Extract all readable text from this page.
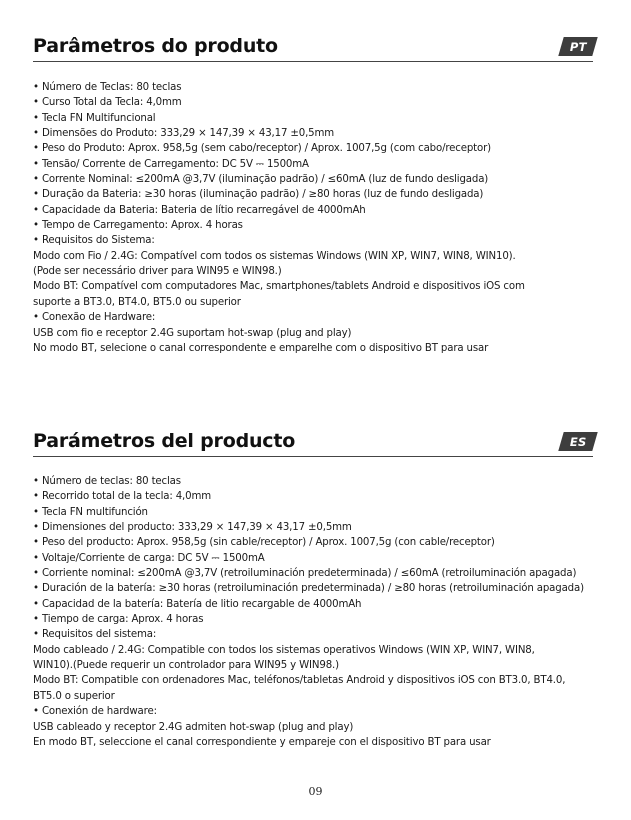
Parâmetros do produto	PT
• Número de Teclas: 80 teclas
• Curso Total da Tecla: 4,0mm
• Tecla FN Multifuncional
• Dimensões do Produto: 333,29 × 147,39 × 43,17 ±0,5mm
• Peso do Produto: Aprox. 958,5g (sem cabo/receptor) / Aprox. 1007,5g (com cabo/receptor)
• Tensão/ Corrente de Carregamento: DC 5V ⎓ 1500mA
• Corrente Nominal: ≤200mA @3,7V (iluminação padrão) / ≤60mA (luz de fundo desligada)
• Duração da Bateria: ≥30 horas (iluminação padrão) / ≥80 horas (luz de fundo desligada)
• Capacidade da Bateria: Bateria de lítio recarregável de 4000mAh
• Tempo de Carregamento: Aprox. 4 horas
• Requisitos do Sistema:
Modo com Fio / 2.4G: Compatível com todos os sistemas Windows (WIN XP, WIN7, WIN8, WIN10).
(Pode ser necessário driver para WIN95 e WIN98.)
Modo BT: Compatível com computadores Mac, smartphones/tablets Android e dispositivos iOS com
suporte a BT3.0, BT4.0, BT5.0 ou superior
• Conexão de Hardware:
USB com fio e receptor 2.4G suportam hot-swap (plug and play)
No modo BT, selecione o canal correspondente e emparelhe com o dispositivo BT para usar
Parámetros del producto	ES
• Número de teclas: 80 teclas
• Recorrido total de la tecla: 4,0mm
• Tecla FN multifunción
• Dimensiones del producto: 333,29 × 147,39 × 43,17 ±0,5mm
• Peso del producto: Aprox. 958,5g (sin cable/receptor) / Aprox. 1007,5g (con cable/receptor)
• Voltaje/Corriente de carga: DC 5V ⎓ 1500mA
• Corriente nominal: ≤200mA @3,7V (retroiluminación predeterminada) / ≤60mA (retroiluminación apagada)
• Duración de la batería: ≥30 horas (retroiluminación predeterminada) / ≥80 horas (retroiluminación apagada)
• Capacidad de la batería: Batería de litio recargable de 4000mAh
• Tiempo de carga: Aprox. 4 horas
• Requisitos del sistema:
Modo cableado / 2.4G: Compatible con todos los sistemas operativos Windows (WIN XP, WIN7, WIN8,
WIN10).(Puede requerir un controlador para WIN95 y WIN98.)
Modo BT: Compatible con ordenadores Mac, teléfonos/tabletas Android y dispositivos iOS con BT3.0, BT4.0,
BT5.0 o superior
• Conexión de hardware:
USB cableado y receptor 2.4G admiten hot-swap (plug and play)
En modo BT, seleccione el canal correspondiente y empareje con el dispositivo BT para usar
09
